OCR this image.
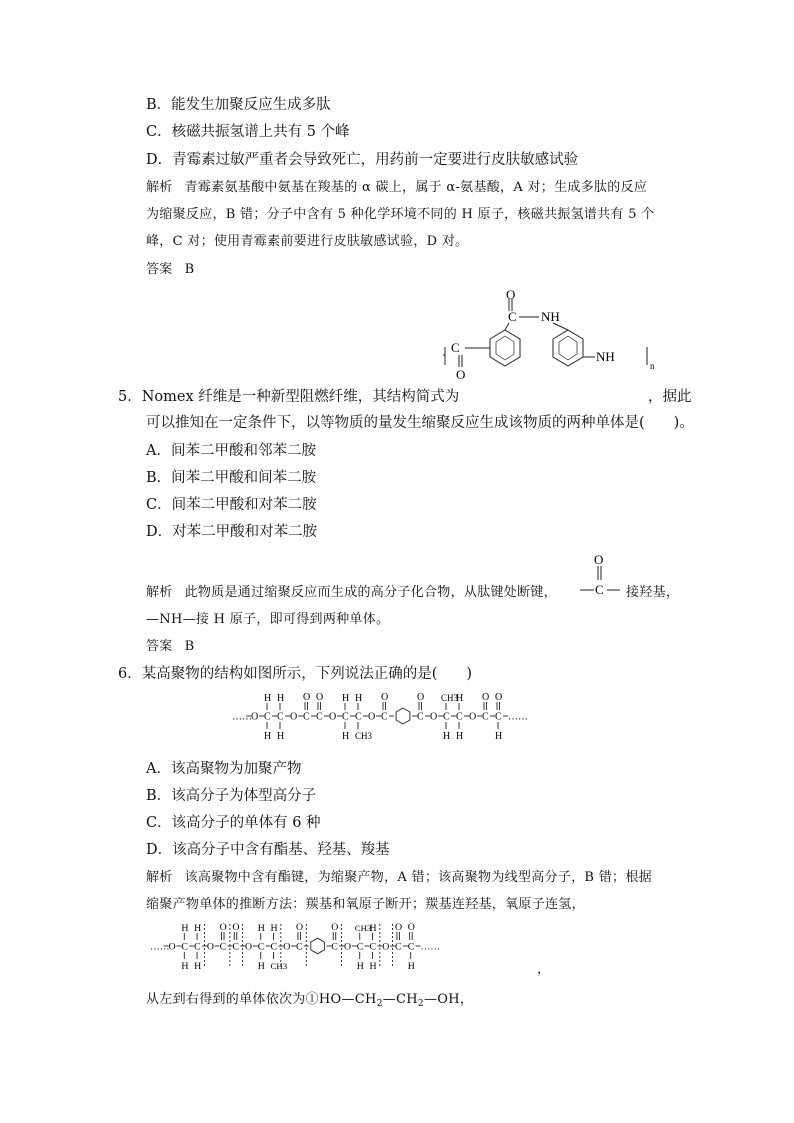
B．能发生加聚反应生成多肽
C．核磁共振氢谱上共有 5 个峰
D．青霉素过敏严重者会导致死亡，用药前一定要进行皮肤敏感试验
解析 青霉素氨基酸中氨基在羧基的 α 碳上，属于 α-氨基酸，A 对；生成多肽的反应
为缩聚反应，B 错；分子中含有 5 种化学环境不同的 H 原子，核磁共振氢谱共有 5 个
峰，C 对；使用青霉素前要进行皮肤敏感试验，D 对。
答案 B
O
C NH
C
O
NH
n
5．Nomex 纤维是一种新型阻燃纤维，其结构简式为	，据此
可以推知在一定条件下，以等物质的量发生缩聚反应生成该物质的两种单体是(　　)。
A．间苯二甲酸和邻苯二胺
B．间苯二甲酸和间苯二胺
C．间苯二甲酸和对苯二胺
D．对苯二甲酸和对苯二胺
解析 此物质是通过缩聚反应而生成的高分子化合物，从肽键处断键，
O
C 接羟基，
—NH—接 H 原子，即可得到两种单体。
答案 B
6．某高聚物的结构如图所示，下列说法正确的是(　　)
…… O C
H
H
C
H
H
O C
O
C
O
O C
H
H
C
H
CH3
O C
O
C
O
O C
CH3
H
C
H
H
O C
O
C
O
H
……
A．该高聚物为加聚产物
B．该高分子为体型高分子
C．该高分子的单体有 6 种
D．该高分子中含有酯基、羟基、羧基
解析 该高聚物中含有酯键，为缩聚产物，A 错；该高聚物为线型高分子，B 错；根据
缩聚产物单体的推断方法：羰基和氧原子断开；羰基连羟基，氧原子连氢，
…… O C
H
H
C
H
H
O C
O
C
O
O C
H
H
C
H
CH3
O C
O
C
O
O C
CH3
H
C
H
H
O C
O
C
O
H
……
，
从左到右得到的单体依次为$①HO—CH_2—CH_2—OH$，
